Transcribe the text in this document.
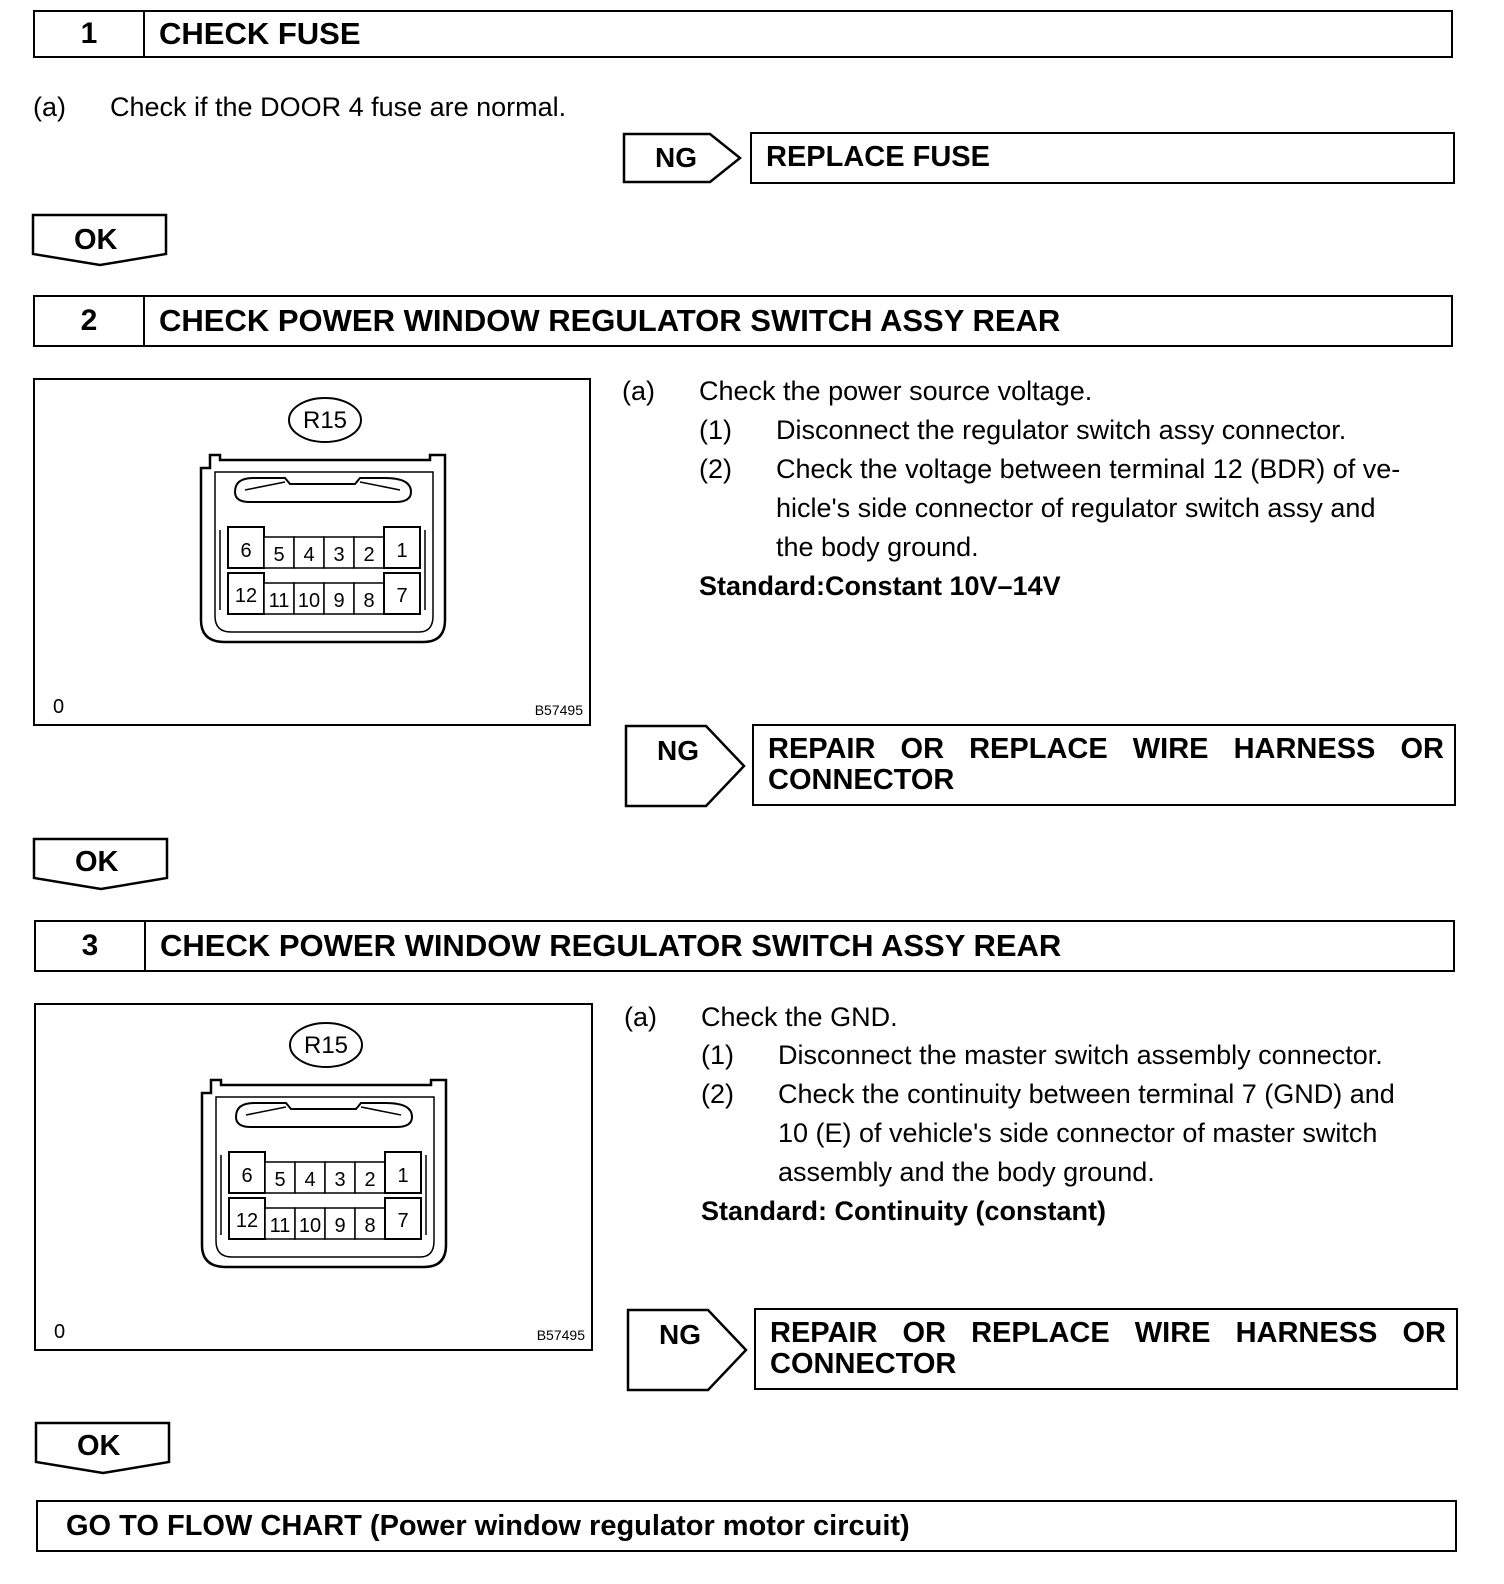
1	CHECK FUSE
(a) Check if the DOOR 4 fuse are normal.
NG REPLACE FUSE
OK
2	CHECK POWER WINDOW REGULATOR SWITCH ASSY REAR
R15
6 5 4 3 2 1
12 11 10 9 8 7
0	B57495
(a) Check the power source voltage.
(1) Disconnect the regulator switch assy connector.
(2) Check the voltage between terminal 12 (BDR) of ve-
hicle's side connector of regulator switch assy and
the body ground.
Standard:Constant 10V–14V
NG REPAIR OR REPLACE WIRE HARNESS OR
CONNECTOR
OK
3	CHECK POWER WINDOW REGULATOR SWITCH ASSY REAR
R15
6 5 4 3 2 1
12 11 10 9 8 7
0	B57495
(a) Check the GND.
(1) Disconnect the master switch assembly connector.
(2) Check the continuity between terminal 7 (GND) and
10 (E) of vehicle's side connector of master switch
assembly and the body ground.
Standard: Continuity (constant)
NG REPAIR OR REPLACE WIRE HARNESS OR
CONNECTOR
OK
GO TO FLOW CHART (Power window regulator motor circuit)
